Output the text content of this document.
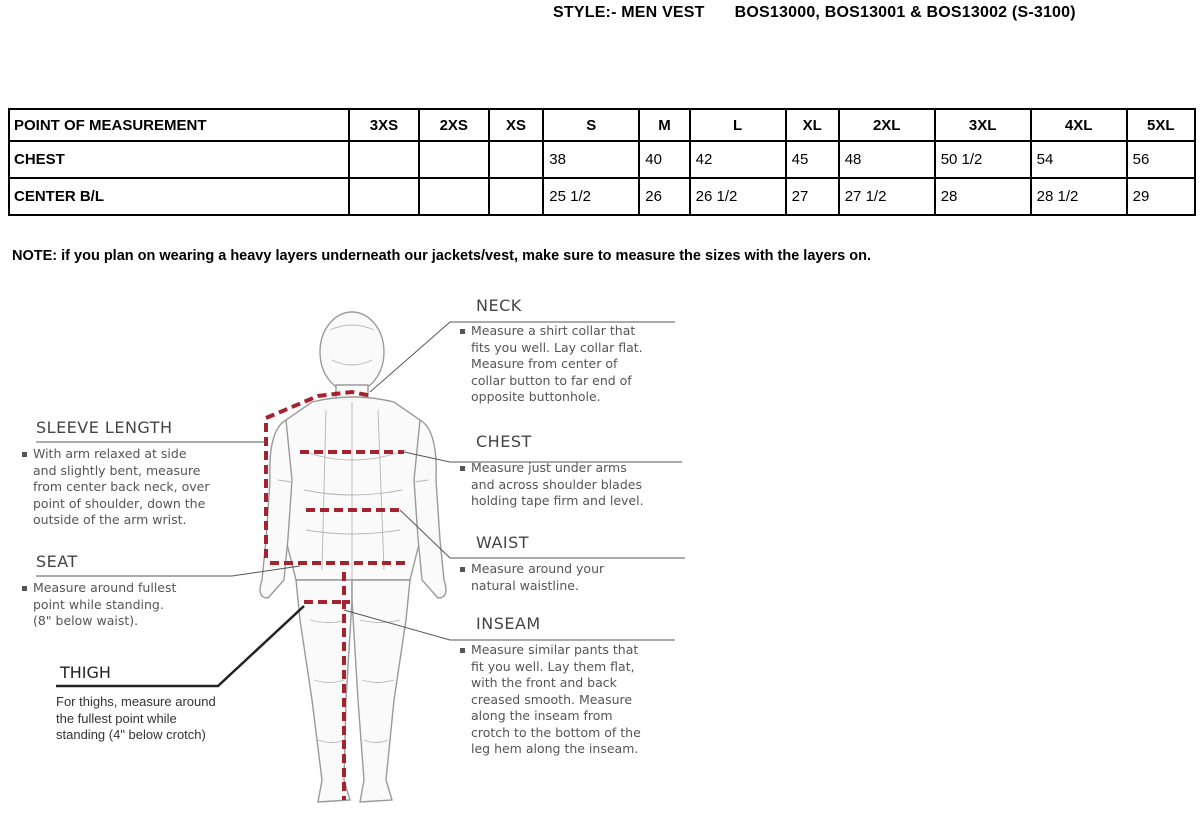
STYLE:- MEN VEST BOS13000, BOS13001 & BOS13002 (S-3100)
POINT OF MEASUREMENT	3XS	2XS	XS	S	M	L	XL	2XL	3XL	4XL	5XL
CHEST				38	40	42	45	48	50 1/2	54	56
CENTER B/L				25 1/2	26	26 1/2	27	27 1/2	28	28 1/2	29
NOTE: if you plan on wearing a heavy layers underneath our jackets/vest, make sure to measure the sizes with the layers on.
NECK
Measure a shirt collar that
fits you well. Lay collar flat.
Measure from center of
collar button to far end of
opposite buttonhole.
SLEEVE LENGTH
With arm relaxed at side
and slightly bent, measure
from center back neck, over
point of shoulder, down the
outside of the arm wrist.
CHEST
Measure just under arms
and across shoulder blades
holding tape firm and level.
WAIST
Measure around your
natural waistline.
SEAT
Measure around fullest
point while standing.
(8" below waist).	INSEAM
Measure similar pants that
fit you well. Lay them flat,
with the front and back
creased smooth. Measure
along the inseam from
crotch to the bottom of the
leg hem along the inseam.
THIGH
For thighs, measure around
the fullest point while
standing (4" below crotch)
